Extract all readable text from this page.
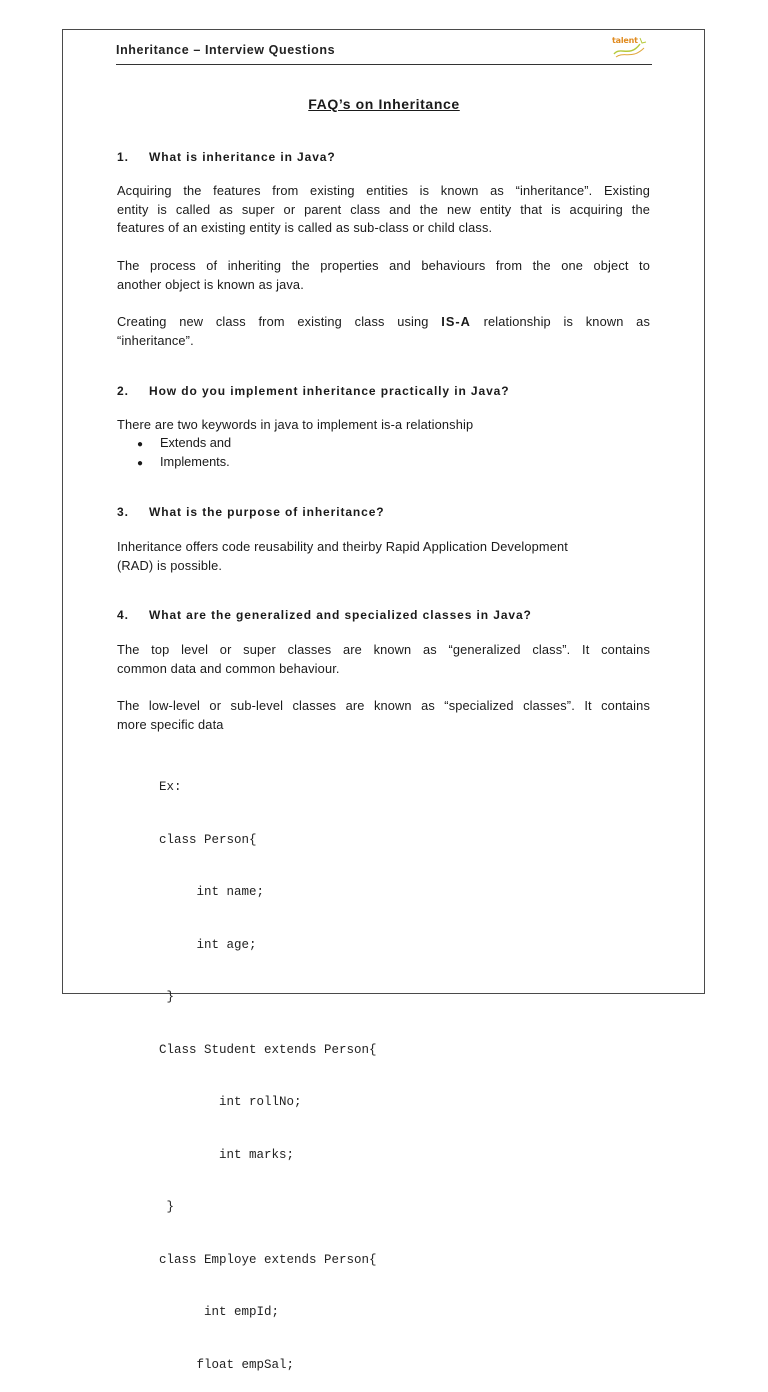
Inheritance – Interview Questions
talent
FAQ’s on Inheritance
1. What is inheritance in Java?
Acquiring the features from existing entities is known as “inheritance”. Existing
entity is called as super or parent class and the new entity that is acquiring the
features of an existing entity is called as sub-class or child class.
The process of inheriting the properties and behaviours from the one object to
another object is known as java.
Creating new class from existing class using IS-A relationship is known as
“inheritance”.
2. How do you implement inheritance practically in Java?
There are two keywords in java to implement is-a relationship
● Extends and
● Implements.
3. What is the purpose of inheritance?
Inheritance offers code reusability and theirby Rapid Application Development
(RAD) is possible.
4. What are the generalized and specialized classes in Java?
The top level or super classes are known as “generalized class”. It contains
common data and common behaviour.
The low-level or sub-level classes are known as “specialized classes”. It contains
more specific data

Ex:

class Person{

int name;

int age;

}

Class Student extends Person{

int rollNo;

int marks;

}

class Employe extends Person{

int empId;

float empSal;
